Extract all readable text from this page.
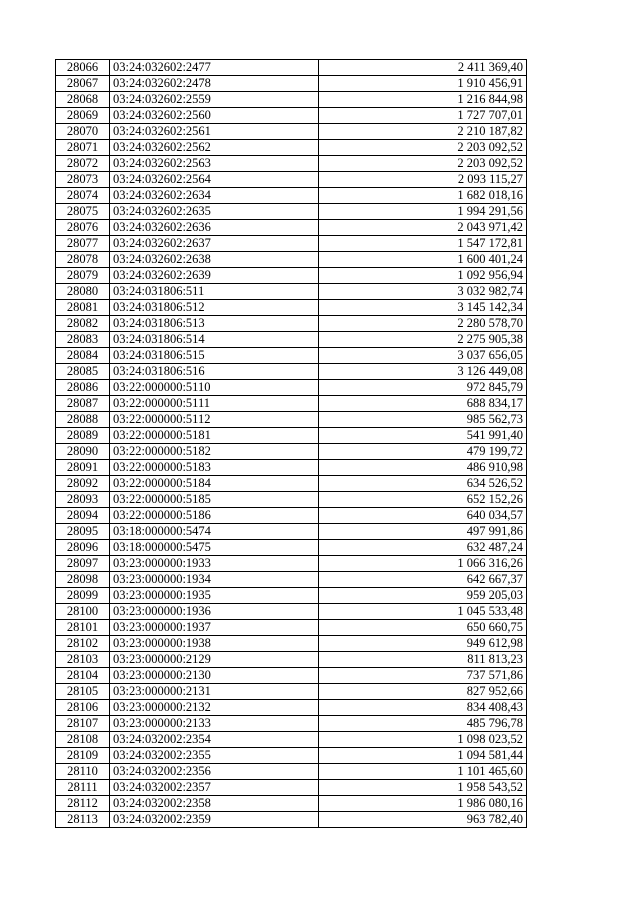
28066	03:24:032602:2477	2 411 369,40
28067	03:24:032602:2478	1 910 456,91
28068	03:24:032602:2559	1 216 844,98
28069	03:24:032602:2560	1 727 707,01
28070	03:24:032602:2561	2 210 187,82
28071	03:24:032602:2562	2 203 092,52
28072	03:24:032602:2563	2 203 092,52
28073	03:24:032602:2564	2 093 115,27
28074	03:24:032602:2634	1 682 018,16
28075	03:24:032602:2635	1 994 291,56
28076	03:24:032602:2636	2 043 971,42
28077	03:24:032602:2637	1 547 172,81
28078	03:24:032602:2638	1 600 401,24
28079	03:24:032602:2639	1 092 956,94
28080	03:24:031806:511	3 032 982,74
28081	03:24:031806:512	3 145 142,34
28082	03:24:031806:513	2 280 578,70
28083	03:24:031806:514	2 275 905,38
28084	03:24:031806:515	3 037 656,05
28085	03:24:031806:516	3 126 449,08
28086	03:22:000000:5110	972 845,79
28087	03:22:000000:5111	688 834,17
28088	03:22:000000:5112	985 562,73
28089	03:22:000000:5181	541 991,40
28090	03:22:000000:5182	479 199,72
28091	03:22:000000:5183	486 910,98
28092	03:22:000000:5184	634 526,52
28093	03:22:000000:5185	652 152,26
28094	03:22:000000:5186	640 034,57
28095	03:18:000000:5474	497 991,86
28096	03:18:000000:5475	632 487,24
28097	03:23:000000:1933	1 066 316,26
28098	03:23:000000:1934	642 667,37
28099	03:23:000000:1935	959 205,03
28100	03:23:000000:1936	1 045 533,48
28101	03:23:000000:1937	650 660,75
28102	03:23:000000:1938	949 612,98
28103	03:23:000000:2129	811 813,23
28104	03:23:000000:2130	737 571,86
28105	03:23:000000:2131	827 952,66
28106	03:23:000000:2132	834 408,43
28107	03:23:000000:2133	485 796,78
28108	03:24:032002:2354	1 098 023,52
28109	03:24:032002:2355	1 094 581,44
28110	03:24:032002:2356	1 101 465,60
28111	03:24:032002:2357	1 958 543,52
28112	03:24:032002:2358	1 986 080,16
28113	03:24:032002:2359	963 782,40
